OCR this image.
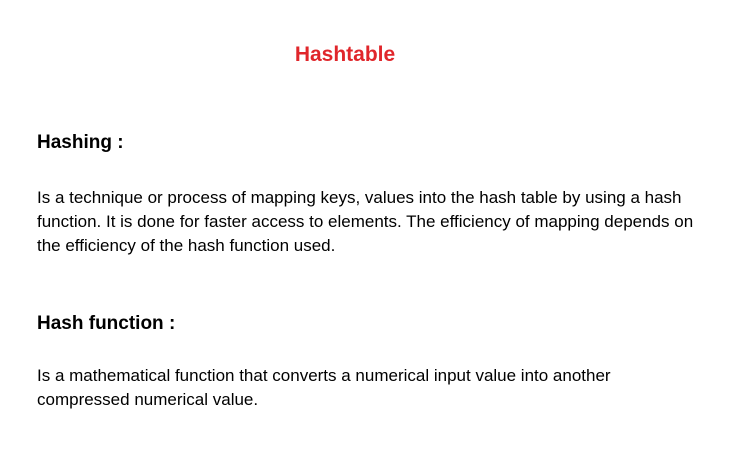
Hashtable
Hashing :

Is a technique or process of mapping keys, values into the hash table by using a hash function. It is done for faster access to elements. The efficiency of mapping depends on the efficiency of the hash function used.

Hash function :

Is a mathematical function that converts a numerical input value into another compressed numerical value.
